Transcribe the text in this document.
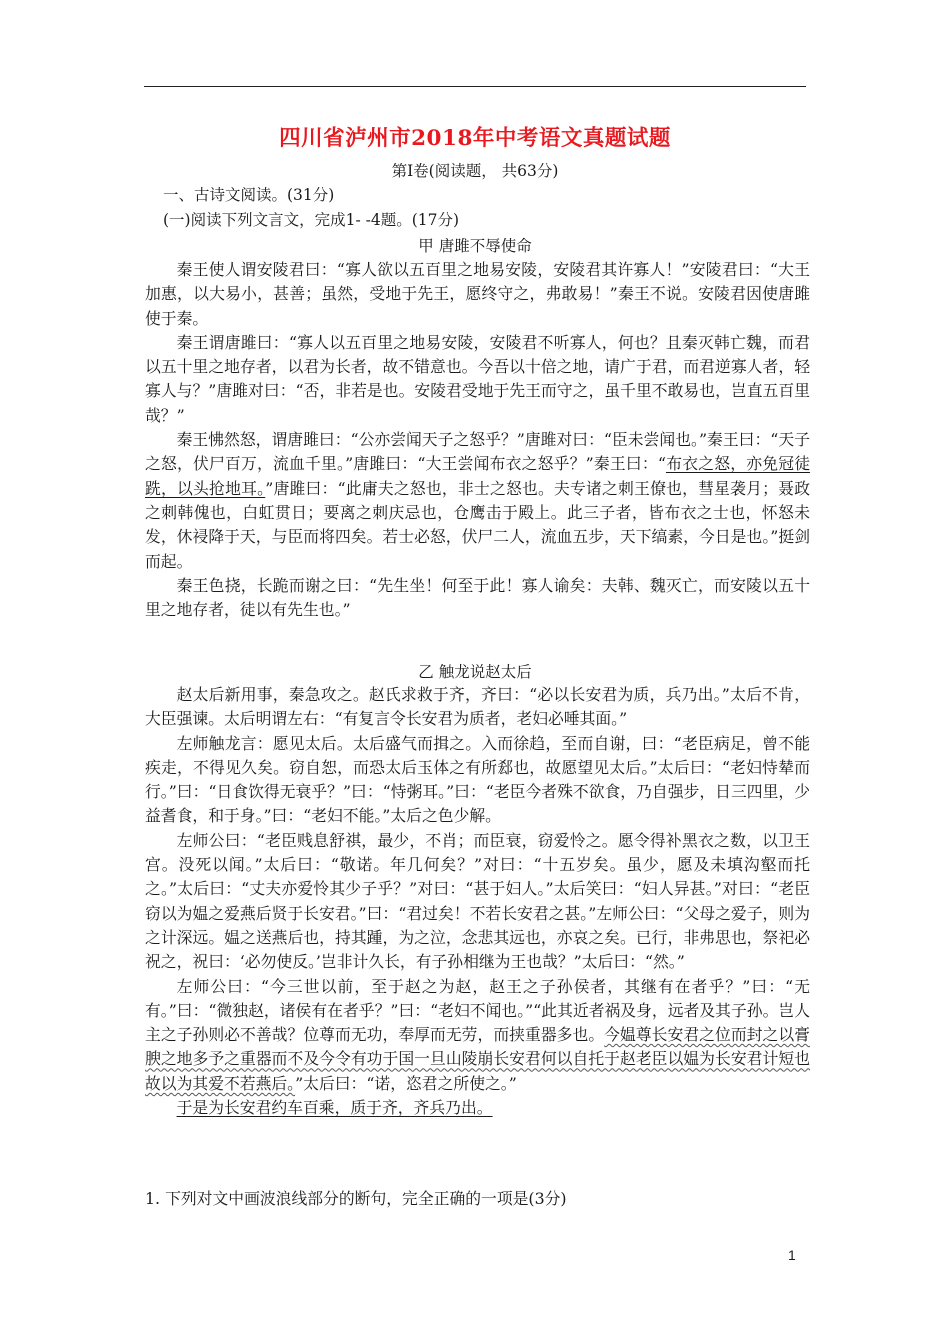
四川省泸州市2018年中考语文真题试题
第I卷(阅读题， 共63分)
一、古诗文阅读。(31分)
(一)阅读下列文言文，完成1- -4题。(17分)
甲 唐雎不辱使命

秦王使人谓安陵君曰：“寡人欲以五百里之地易安陵，安陵君其许寡人！”安陵君曰：“大王加惠，以大易小，甚善；虽然，受地于先王，愿终守之，弗敢易！”秦王不说。安陵君因使唐雎使于秦。

秦王谓唐雎曰：“寡人以五百里之地易安陵，安陵君不听寡人，何也？且秦灭韩亡魏，而君以五十里之地存者，以君为长者，故不错意也。今吾以十倍之地，请广于君，而君逆寡人者，轻寡人与？”唐雎对曰：“否，非若是也。安陵君受地于先王而守之，虽千里不敢易也，岂直五百里哉？”

秦王怫然怒，谓唐雎曰：“公亦尝闻天子之怒乎？”唐雎对曰：“臣未尝闻也。”秦王曰：“天子之怒，伏尸百万，流血千里。”唐雎曰：“大王尝闻布衣之怒乎？”秦王曰：“布衣之怒，亦免冠徒跣，以头抢地耳。”唐雎曰：“此庸夫之怒也，非士之怒也。夫专诸之刺王僚也，彗星袭月；聂政之刺韩傀也，白虹贯日；要离之刺庆忌也，仓鹰击于殿上。此三子者，皆布衣之士也，怀怒未发，休祲降于天，与臣而将四矣。若士必怒，伏尸二人，流血五步，天下缟素，今日是也。”挺剑而起。

秦王色挠，长跪而谢之曰：“先生坐！何至于此！寡人谕矣：夫韩、魏灭亡，而安陵以五十里之地存者，徒以有先生也。”

乙 触龙说赵太后

赵太后新用事，秦急攻之。赵氏求救于齐，齐曰：“必以长安君为质，兵乃出。”太后不肯，大臣强谏。太后明谓左右：“有复言令长安君为质者，老妇必唾其面。”

左师触龙言：愿见太后。太后盛气而揖之。入而徐趋，至而自谢，曰：“老臣病足，曾不能疾走，不得见久矣。窃自恕，而恐太后玉体之有所郄也，故愿望见太后。”太后曰：“老妇恃辇而行。”曰：“日食饮得无衰乎？”曰：“恃粥耳。”曰：“老臣今者殊不欲食，乃自强步，日三四里，少益耆食，和于身。”曰：“老妇不能。”太后之色少解。

左师公曰：“老臣贱息舒祺，最少，不肖；而臣衰，窃爱怜之。愿令得补黑衣之数，以卫王宫。没死以闻。”太后曰：“敬诺。年几何矣？”对曰：“十五岁矣。虽少，愿及未填沟壑而托之。”太后曰：“丈夫亦爱怜其少子乎？”对曰：“甚于妇人。”太后笑曰：“妇人异甚。”对曰：“老臣窃以为媪之爱燕后贤于长安君。”曰：“君过矣！不若长安君之甚。”左师公曰：“父母之爱子，则为之计深远。媪之送燕后也，持其踵，为之泣，念悲其远也，亦哀之矣。已行，非弗思也，祭祀必祝之，祝曰：‘必勿使反。’岂非计久长，有子孙相继为王也哉？”太后曰：“然。”

左师公曰：“今三世以前，至于赵之为赵，赵王之子孙侯者，其继有在者乎？”曰：“无有。”曰：“微独赵，诸侯有在者乎？”曰：“老妇不闻也。”“此其近者祸及身，远者及其子孙。岂人主之子孙则必不善哉？位尊而无功，奉厚而无劳，而挟重器多也。今媪尊长安君之位而封之以膏腴之地多予之重器而不及今令有功于国一旦山陵崩长安君何以自托于赵老臣以媪为长安君计短也故以为其爱不若燕后。”太后曰：“诺，恣君之所使之。”

于是为长安君约车百乘，质于齐，齐兵乃出。

1. 下列对文中画波浪线部分的断句，完全正确的一项是(3分)
1
